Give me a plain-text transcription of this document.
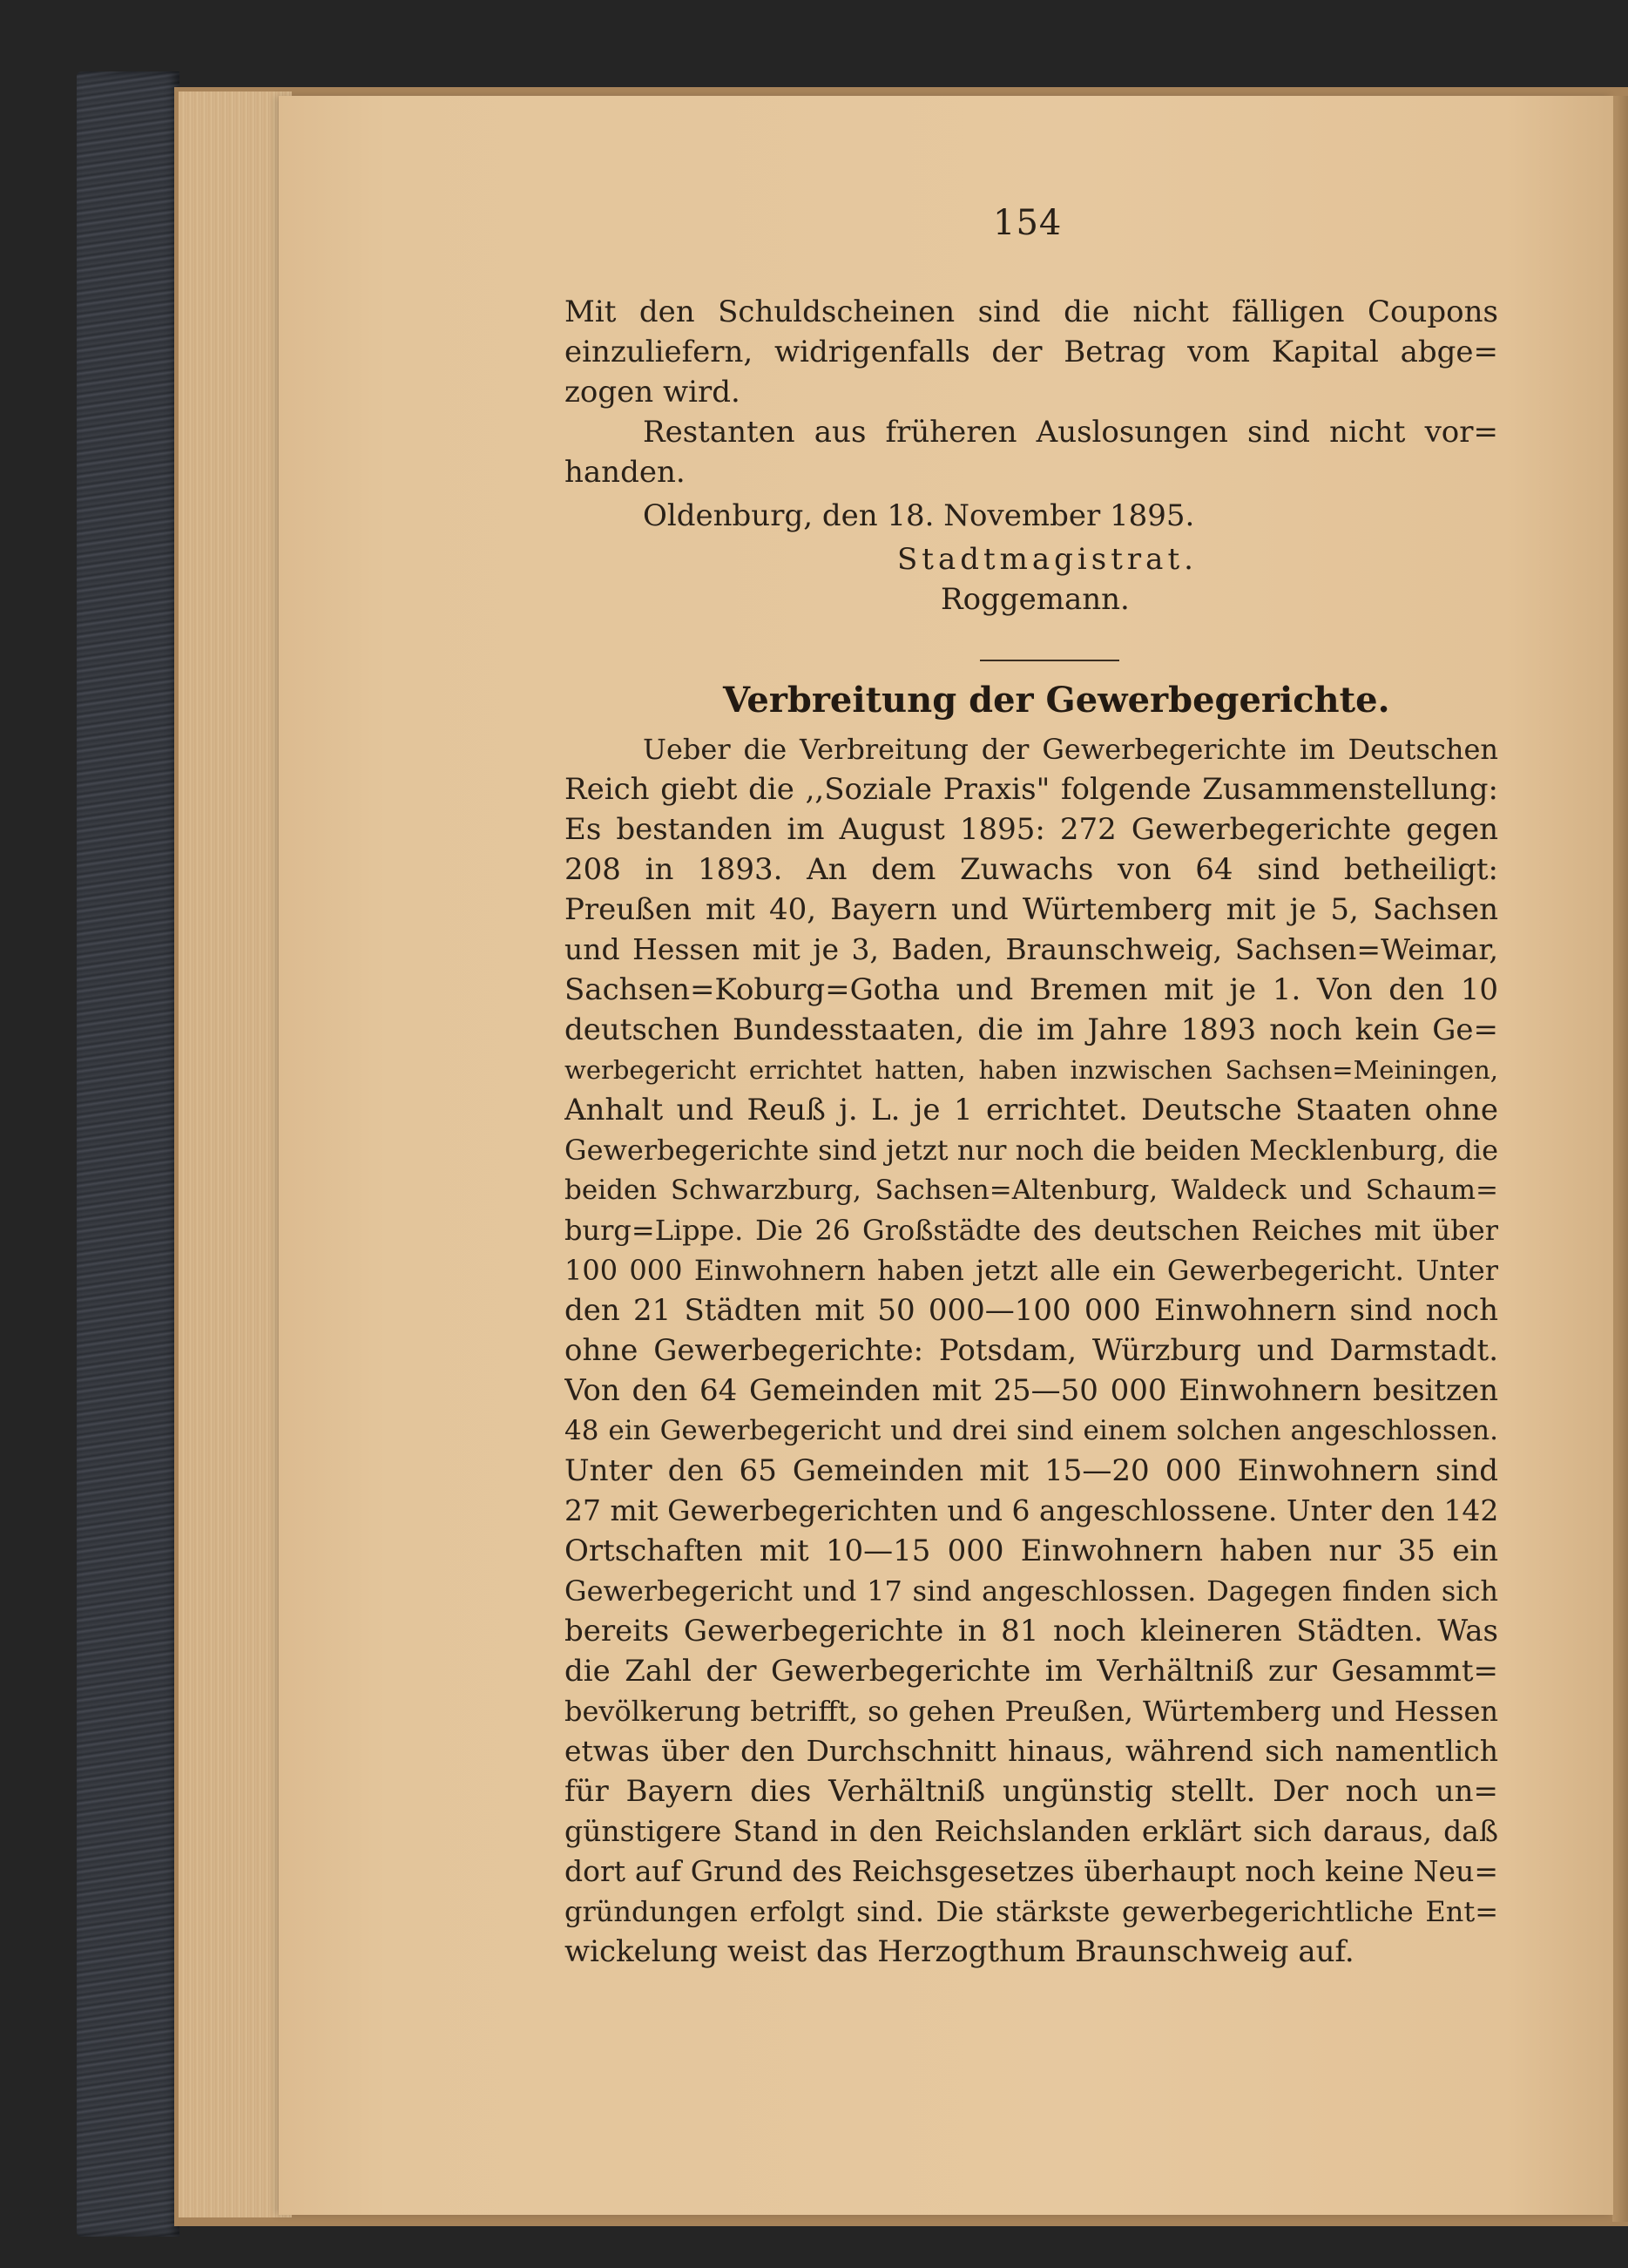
154
Mit den Schuldscheinen sind die nicht fälligen Coupons
einzuliefern, widrigenfalls der Betrag vom Kapital abge=
zogen wird.
Restanten aus früheren Auslosungen sind nicht vor=
handen.
Oldenburg, den 18. November 1895.
Stadtmagistrat.
Roggemann.
Verbreitung der Gewerbegerichte.
Ueber die Verbreitung der Gewerbegerichte im Deutschen
Reich giebt die ,,Soziale Praxis" folgende Zusammenstellung:
Es bestanden im August 1895: 272 Gewerbegerichte gegen
208 in 1893. An dem Zuwachs von 64 sind betheiligt:
Preußen mit 40, Bayern und Würtemberg mit je 5, Sachsen
und Hessen mit je 3, Baden, Braunschweig, Sachsen=Weimar,
Sachsen=Koburg=Gotha und Bremen mit je 1. Von den 10
deutschen Bundesstaaten, die im Jahre 1893 noch kein Ge=
werbegericht errichtet hatten, haben inzwischen Sachsen=Meiningen,
Anhalt und Reuß j. L. je 1 errichtet. Deutsche Staaten ohne
Gewerbegerichte sind jetzt nur noch die beiden Mecklenburg, die
beiden Schwarzburg, Sachsen=Altenburg, Waldeck und Schaum=
burg=Lippe. Die 26 Großstädte des deutschen Reiches mit über
100 000 Einwohnern haben jetzt alle ein Gewerbegericht. Unter
den 21 Städten mit 50 000—100 000 Einwohnern sind noch
ohne Gewerbegerichte: Potsdam, Würzburg und Darmstadt.
Von den 64 Gemeinden mit 25—50 000 Einwohnern besitzen
48 ein Gewerbegericht und drei sind einem solchen angeschlossen.
Unter den 65 Gemeinden mit 15—20 000 Einwohnern sind
27 mit Gewerbegerichten und 6 angeschlossene. Unter den 142
Ortschaften mit 10—15 000 Einwohnern haben nur 35 ein
Gewerbegericht und 17 sind angeschlossen. Dagegen finden sich
bereits Gewerbegerichte in 81 noch kleineren Städten. Was
die Zahl der Gewerbegerichte im Verhältniß zur Gesammt=
bevölkerung betrifft, so gehen Preußen, Würtemberg und Hessen
etwas über den Durchschnitt hinaus, während sich namentlich
für Bayern dies Verhältniß ungünstig stellt. Der noch un=
günstigere Stand in den Reichslanden erklärt sich daraus, daß
dort auf Grund des Reichsgesetzes überhaupt noch keine Neu=
gründungen erfolgt sind. Die stärkste gewerbegerichtliche Ent=
wickelung weist das Herzogthum Braunschweig auf.
